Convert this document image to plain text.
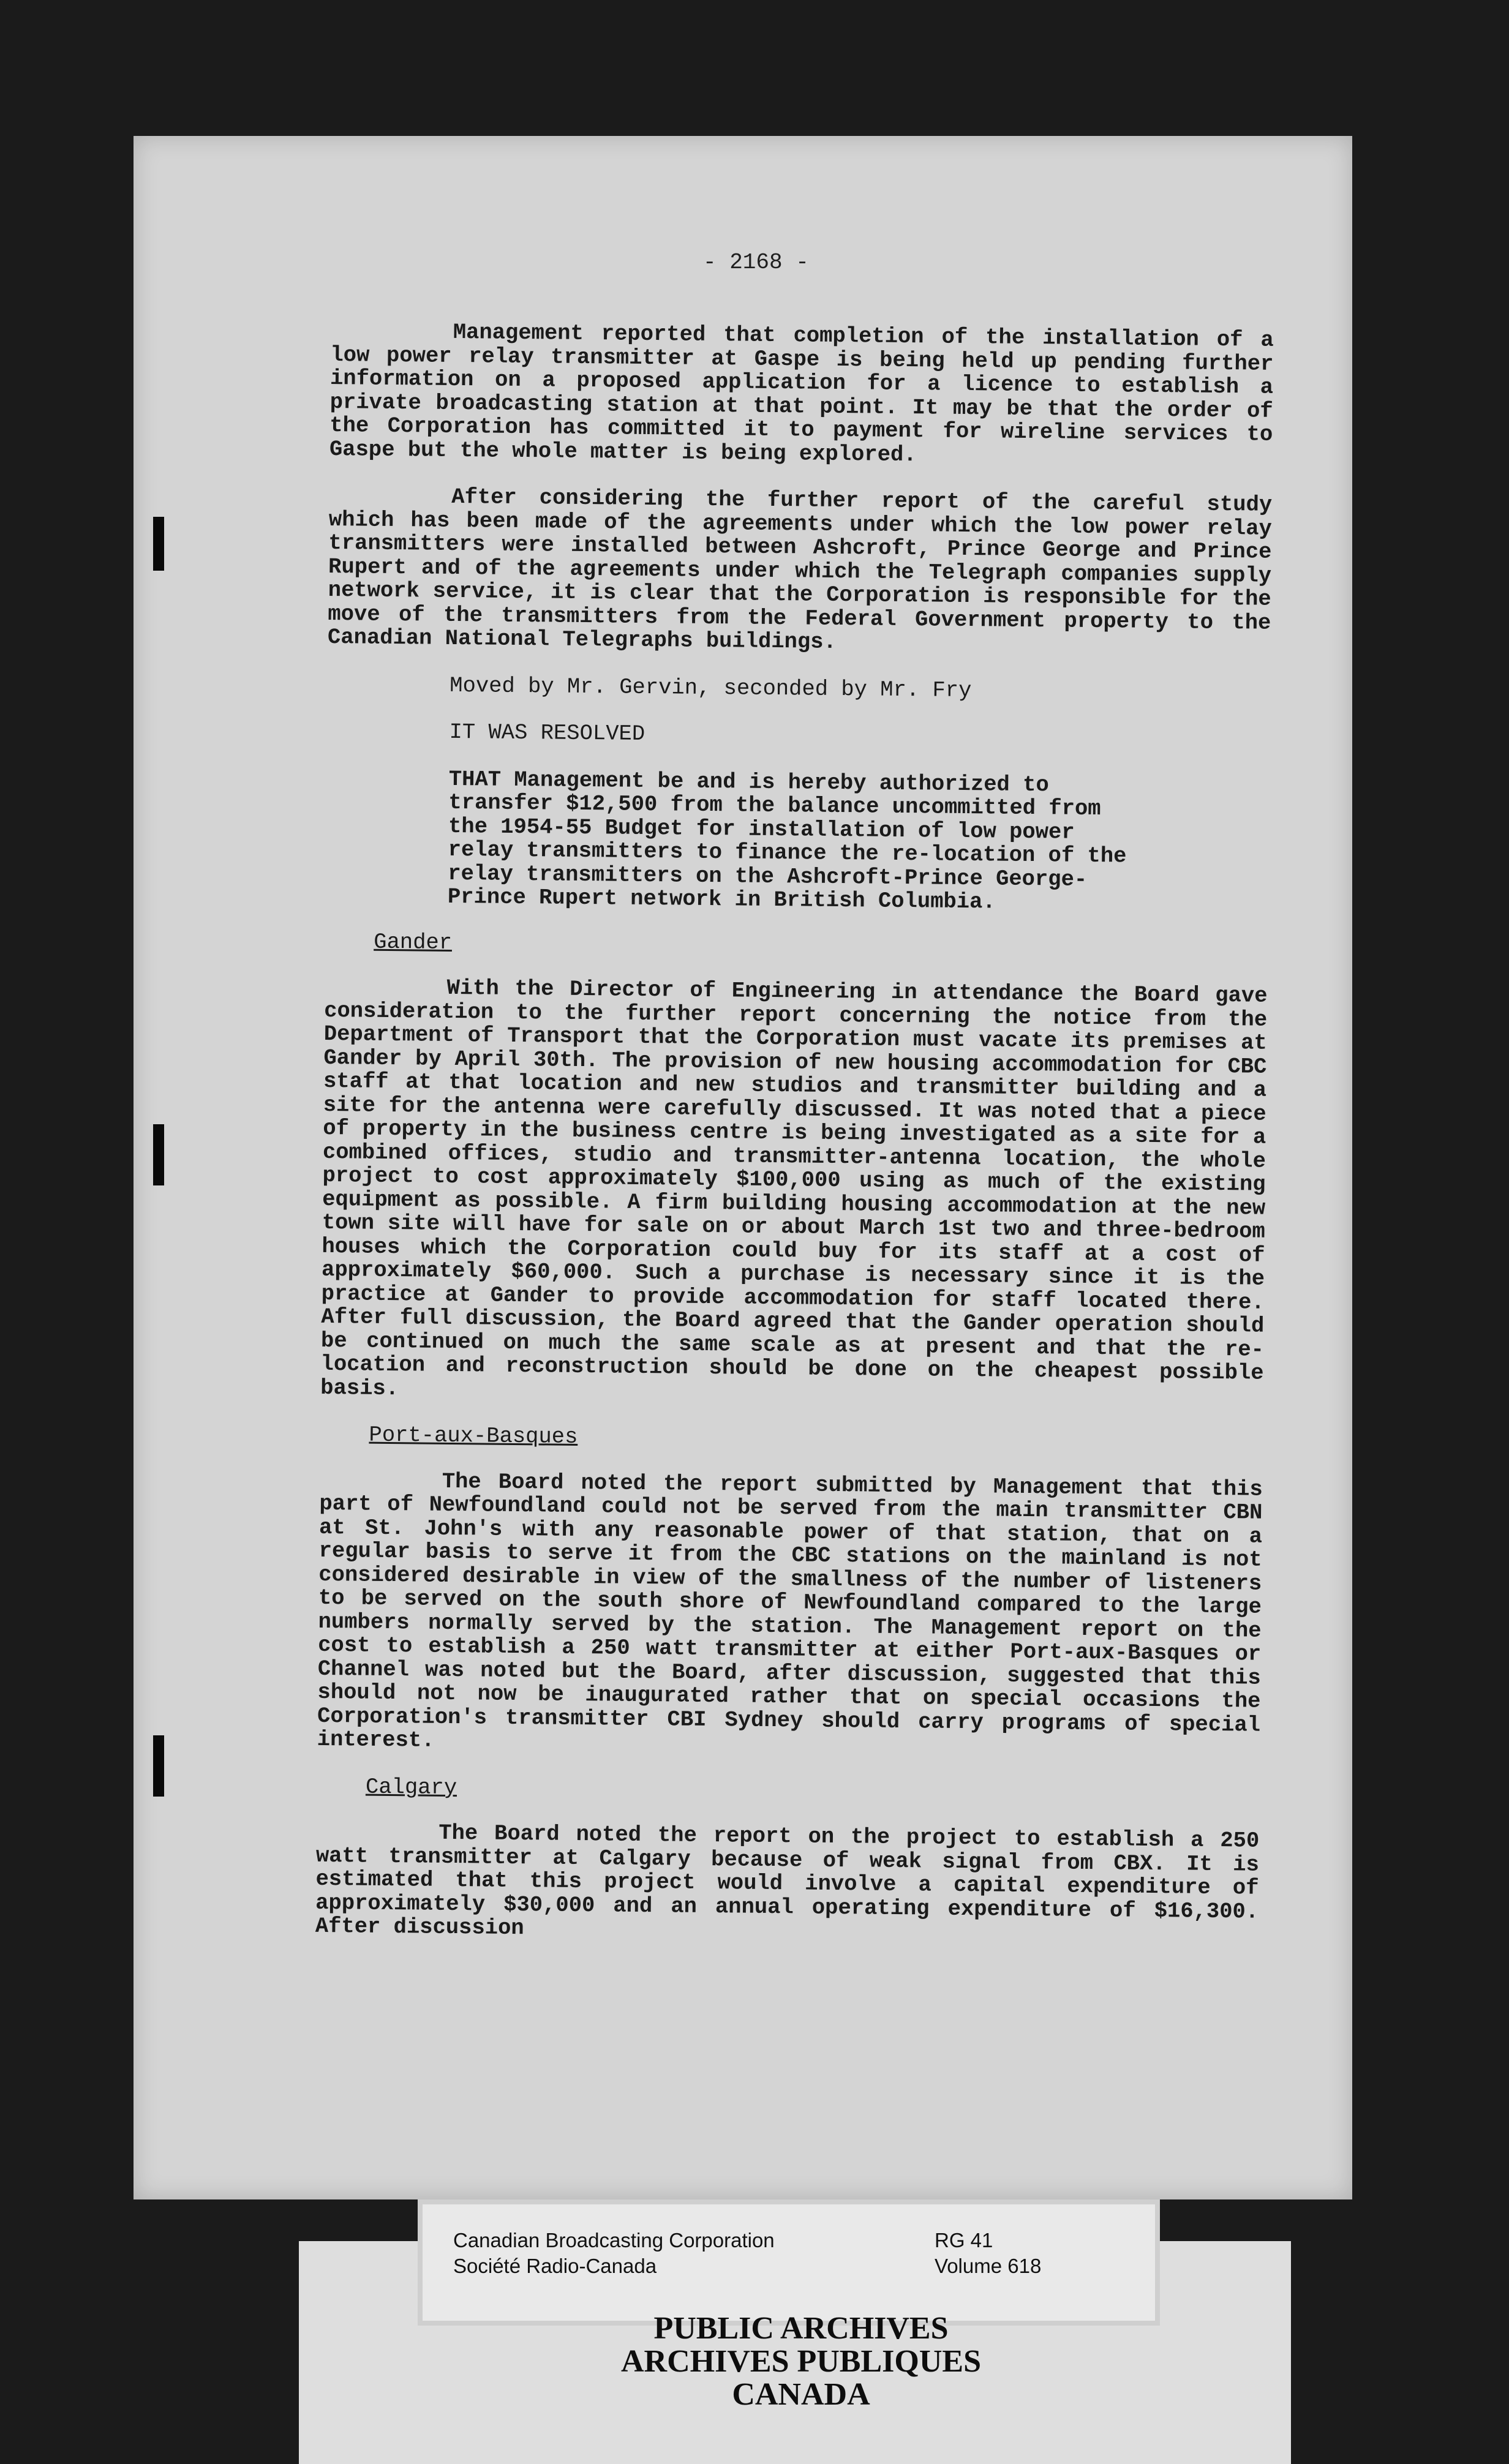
- 2168 -

Management reported that completion of the installation of a low power relay transmitter at Gaspe is being held up pending further information on a proposed application for a licence to establish a private broadcasting station at that point. It may be that the order of the Corporation has committed it to payment for wireline services to Gaspe but the whole matter is being explored.

After considering the further report of the careful study which has been made of the agreements under which the low power relay transmitters were installed between Ashcroft, Prince George and Prince Rupert and of the agreements under which the Telegraph companies supply network service, it is clear that the Corporation is responsible for the move of the transmitters from the Federal Government property to the Canadian National Telegraphs buildings.

Moved by Mr. Gervin, seconded by Mr. Fry

IT WAS RESOLVED

THAT Management be and is hereby authorized to transfer $12,500 from the balance uncommitted from the 1954-55 Budget for installation of low power relay transmitters to finance the re-location of the relay transmitters on the Ashcroft-Prince George-Prince Rupert network in British Columbia.

Gander

With the Director of Engineering in attendance the Board gave consideration to the further report concerning the notice from the Department of Transport that the Corporation must vacate its premises at Gander by April 30th. The provision of new housing accommodation for CBC staff at that location and new studios and transmitter building and a site for the antenna were carefully discussed. It was noted that a piece of property in the business centre is being investigated as a site for a combined offices, studio and transmitter-antenna location, the whole project to cost approximately $100,000 using as much of the existing equipment as possible. A firm building housing accommodation at the new town site will have for sale on or about March 1st two and three-bedroom houses which the Corporation could buy for its staff at a cost of approximately $60,000. Such a purchase is necessary since it is the practice at Gander to provide accommodation for staff located there. After full discussion, the Board agreed that the Gander operation should be continued on much the same scale as at present and that the re-location and reconstruction should be done on the cheapest possible basis.

Port-aux-Basques

The Board noted the report submitted by Management that this part of Newfoundland could not be served from the main transmitter CBN at St. John's with any reasonable power of that station, that on a regular basis to serve it from the CBC stations on the mainland is not considered desirable in view of the smallness of the number of listeners to be served on the south shore of Newfoundland compared to the large numbers normally served by the station. The Management report on the cost to establish a 250 watt transmitter at either Port-aux-Basques or Channel was noted but the Board, after discussion, suggested that this should not now be inaugurated rather that on special occasions the Corporation's transmitter CBI Sydney should carry programs of special interest.

Calgary

The Board noted the report on the project to establish a 250 watt transmitter at Calgary because of weak signal from CBX. It is estimated that this project would involve a capital expenditure of approximately $30,000 and an annual operating expenditure of $16,300. After discussion

Canadian Broadcasting Corporation
Société Radio-Canada
RG 41
Volume 618
PUBLIC ARCHIVES
ARCHIVES PUBLIQUES
CANADA
